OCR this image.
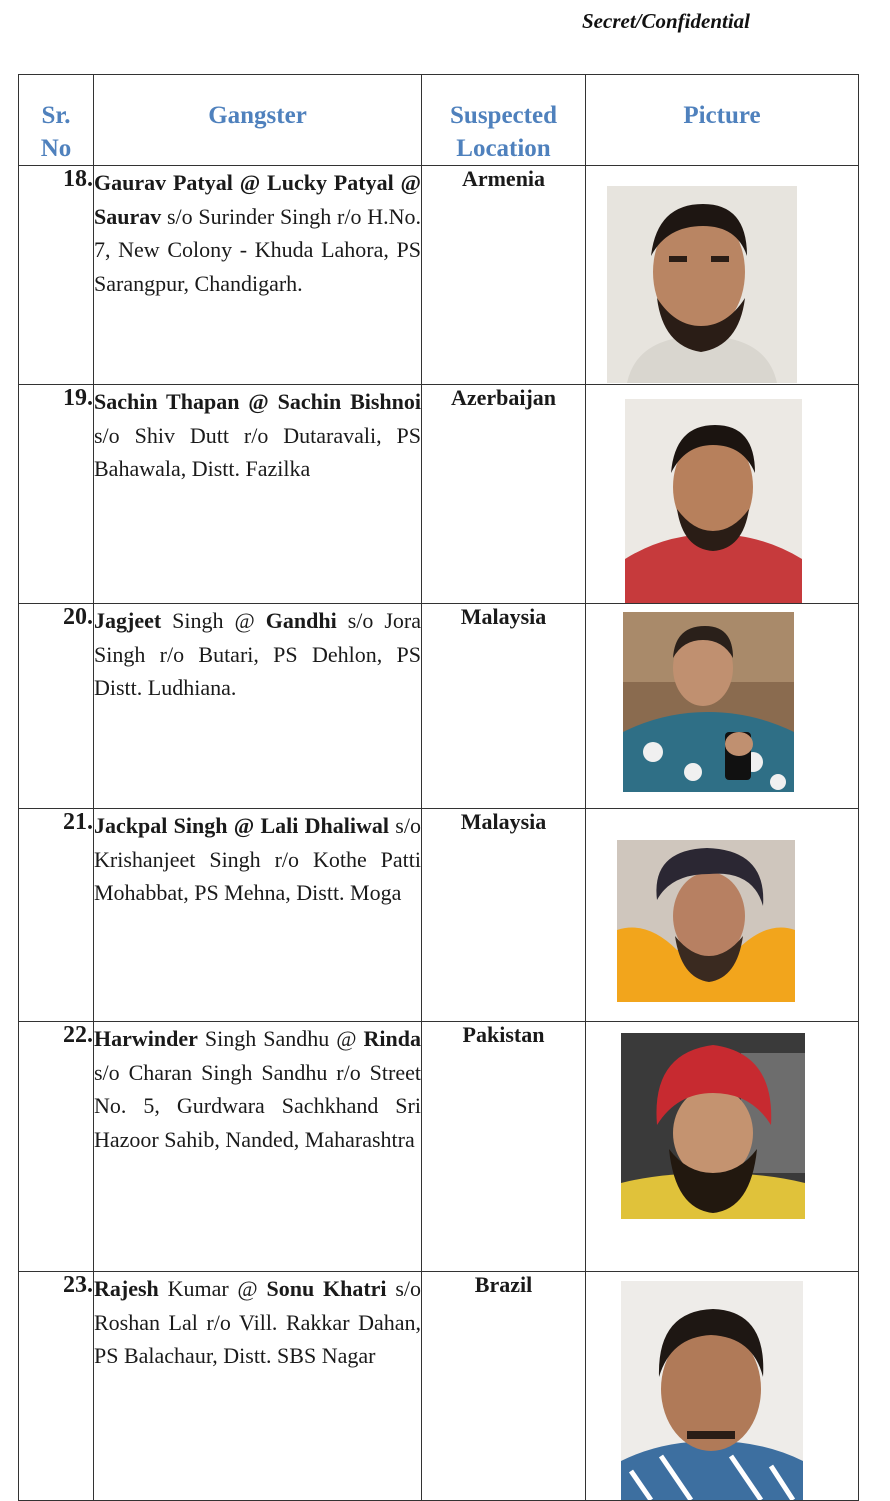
Secret/Confidential
Sr. No	Gangster	Suspected Location	Picture
18.	Gaurav Patyal @ Lucky Patyal @ Saurav s/o Surinder Singh r/o H.No. 7, New Colony - Khuda Lahora, PS Sarangpur, Chandigarh.	Armenia	

19.	Sachin Thapan @ Sachin Bishnoi s/o Shiv Dutt r/o Dutaravali, PS Bahawala, Distt. Fazilka	Azerbaijan	

20.	Jagjeet Singh @ Gandhi s/o Jora Singh r/o Butari, PS Dehlon, PS Distt. Ludhiana.	Malaysia	

21.	Jackpal Singh @ Lali Dhaliwal s/o Krishanjeet Singh r/o Kothe Patti Mohabbat, PS Mehna, Distt. Moga	Malaysia	

22.	Harwinder Singh Sandhu @ Rinda s/o Charan Singh Sandhu r/o Street No. 5, Gurdwara Sachkhand Sri Hazoor Sahib, Nanded, Maharashtra	Pakistan	

23.	Rajesh Kumar @ Sonu Khatri s/o Roshan Lal r/o Vill. Rakkar Dahan, PS Balachaur, Distt. SBS Nagar	Brazil	
